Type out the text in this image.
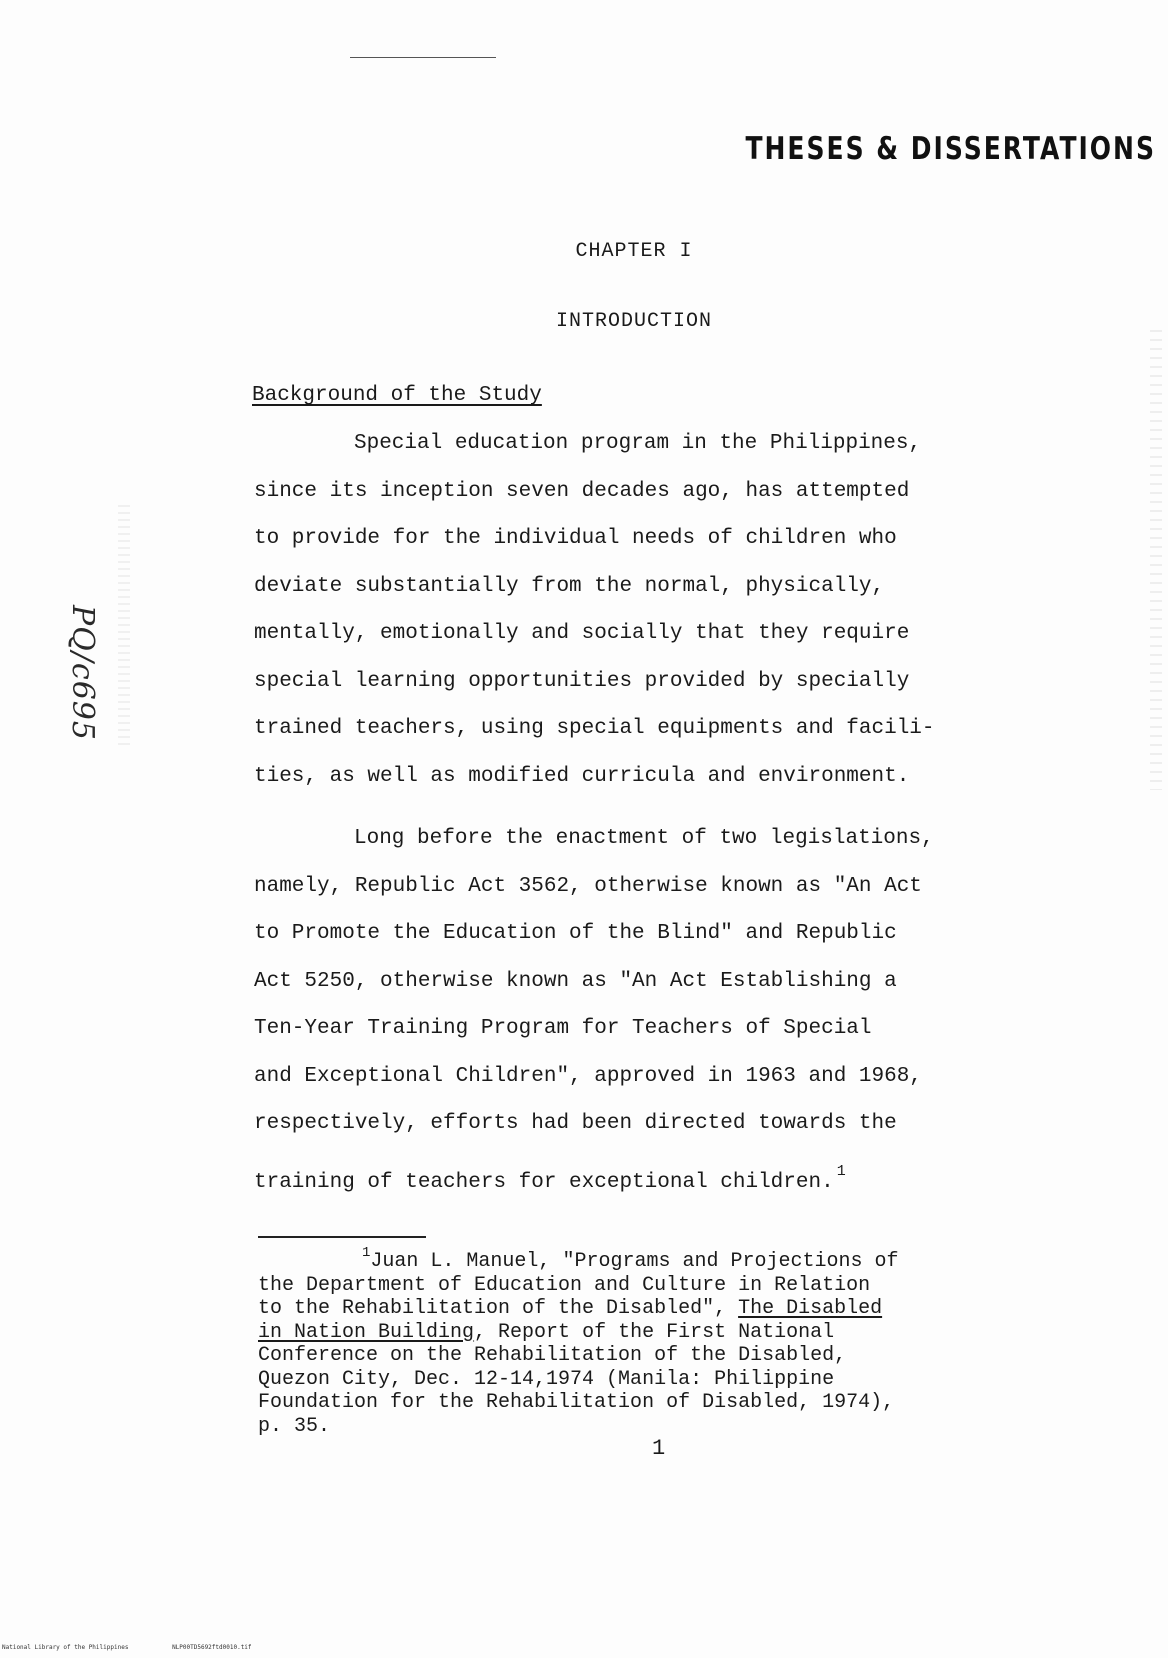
THESES & DISSERTATIONS
PQ/c695
CHAPTER I
INTRODUCTION
Background of the Study

Special education program in the Philippines,
since its inception seven decades ago, has attempted
to provide for the individual needs of children who
deviate substantially from the normal, physically,
mentally, emotionally and socially that they require
special learning opportunities provided by specially
trained teachers, using special equipments and facili-
ties, as well as modified curricula and environment.

Long before the enactment of two legislations,
namely, Republic Act 3562, otherwise known as "An Act
to Promote the Education of the Blind" and Republic
Act 5250, otherwise known as "An Act Establishing a
Ten-Year Training Program for Teachers of Special
and Exceptional Children", approved in 1963 and 1968,
respectively, efforts had been directed towards the
training of teachers for exceptional children. $^1$

$^1$Juan L. Manuel, "Programs and Projections of
the Department of Education and Culture in Relation
to the Rehabilitation of the Disabled", The Disabled
in Nation Building, Report of the First National
Conference on the Rehabilitation of the Disabled,
Quezon City, Dec. 12-14,1974 (Manila: Philippine
Foundation for the Rehabilitation of Disabled, 1974),
p. 35.
1
National Library of the Philippines	NLP00TD5692ftd0010.tif
